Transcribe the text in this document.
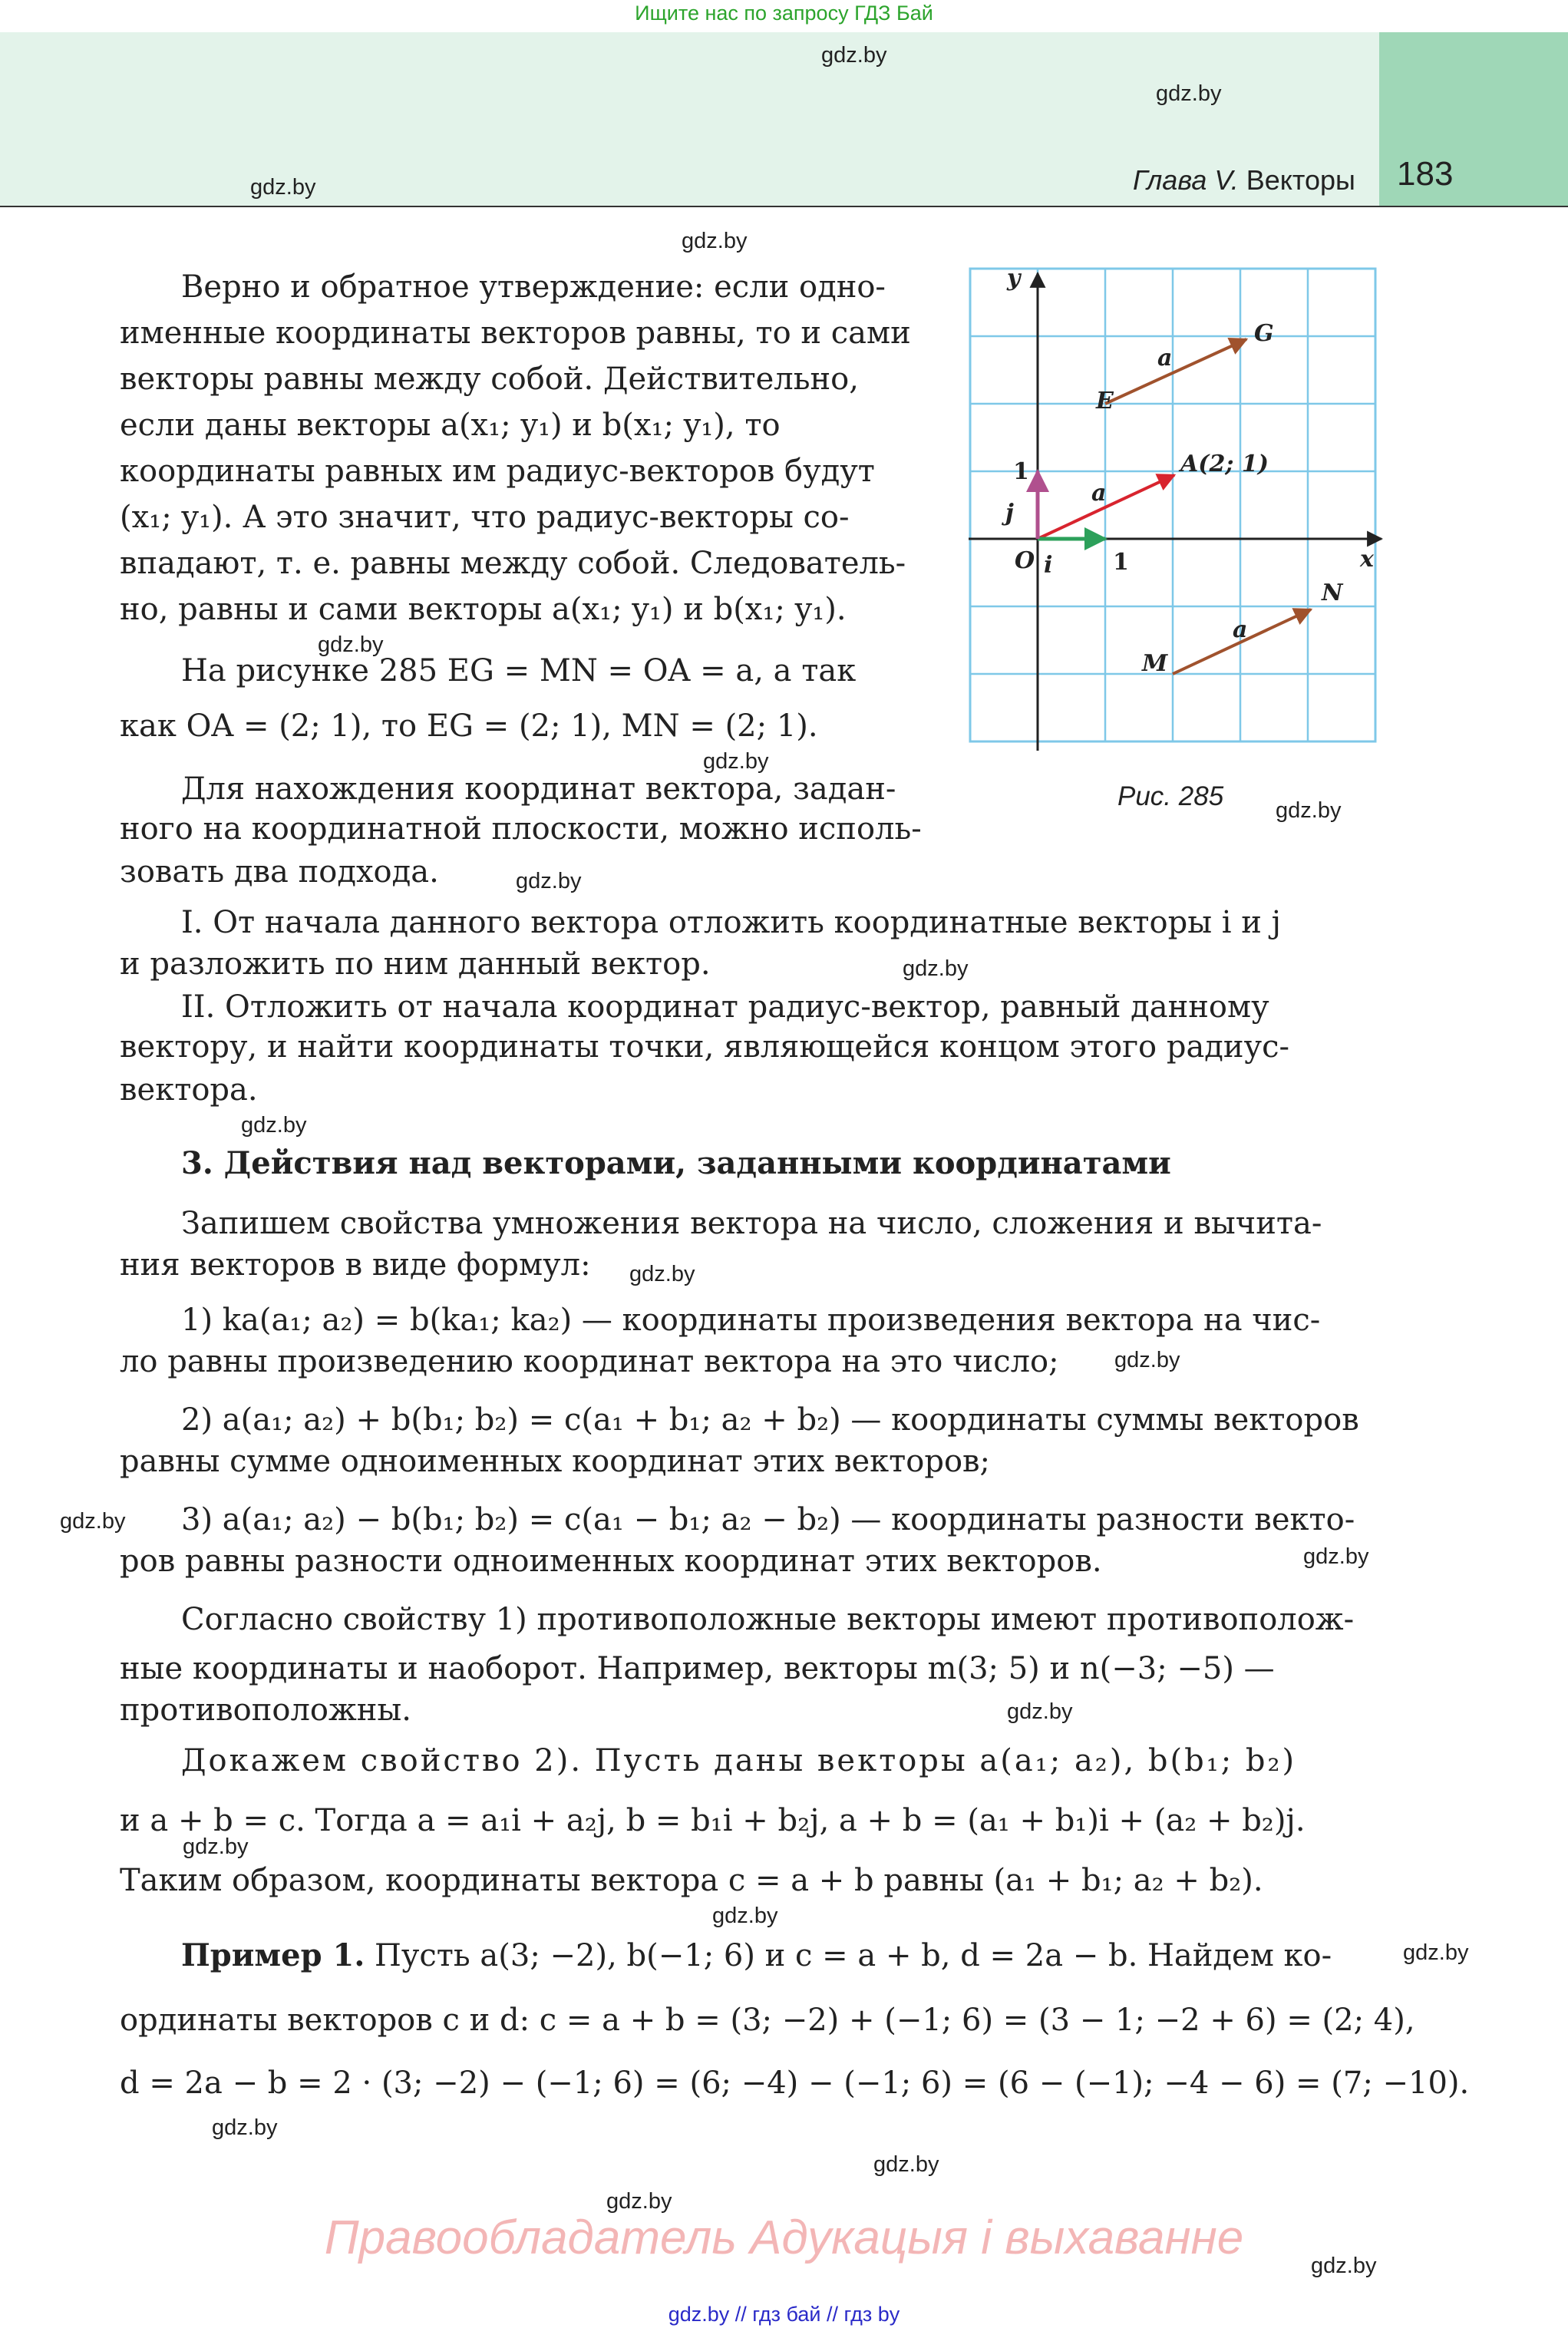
Ищите нас по запросу ГДЗ Бай
Глава V. Векторы 183
gdz.by
gdz.by
gdz.by
gdz.by
gdz.by
gdz.by
gdz.by
gdz.by
gdz.by
gdz.by
gdz.by
gdz.by
gdz.by
gdz.by
gdz.by
gdz.by
gdz.by
gdz.by
gdz.by
gdz.by
gdz.by
gdz.by
y
x
O i
j
E
G
A(2; 1)
M
N
a
a
a
1
1
Рис. 285
Верно и обратное утверждение: если одно-
именные координаты векторов равны, то и сами
векторы равны между собой. Действительно,
если даны векторы a(x₁; y₁) и b(x₁; y₁), то
координаты равных им радиус-векторов будут
(x₁; y₁). А это значит, что радиус-векторы со-
впадают, т. е. равны между собой. Следователь-
но, равны и сами векторы a(x₁; y₁) и b(x₁; y₁).
На рисунке 285 EG = MN = OA = a, а так
как OA = (2; 1), то EG = (2; 1), MN = (2; 1).
Для нахождения координат вектора, задан-
ного на координатной плоскости, можно исполь-
зовать два подхода.
I. От начала данного вектора отложить координатные векторы i и j
и разложить по ним данный вектор.
II. Отложить от начала координат радиус-вектор, равный данному
вектору, и найти координаты точки, являющейся концом этого радиус-
вектора.
3. Действия над векторами, заданными координатами
Запишем свойства умножения вектора на число, сложения и вычита-
ния векторов в виде формул:
1) ka(a₁; a₂) = b(ka₁; ka₂) — координаты произведения вектора на чис-
ло равны произведению координат вектора на это число;
2) a(a₁; a₂) + b(b₁; b₂) = c(a₁ + b₁; a₂ + b₂) — координаты суммы векторов
равны сумме одноименных координат этих векторов;
3) a(a₁; a₂) − b(b₁; b₂) = c(a₁ − b₁; a₂ − b₂) — координаты разности векто-
ров равны разности одноименных координат этих векторов.
Согласно свойству 1) противоположные векторы имеют противополож-
ные координаты и наоборот. Например, векторы m(3; 5) и n(−3; −5) —
противоположны.
Докажем свойство 2). Пусть даны векторы a(a₁; a₂), b(b₁; b₂)
и a + b = c. Тогда a = a₁i + a₂j, b = b₁i + b₂j, a + b = (a₁ + b₁)i + (a₂ + b₂)j.
Таким образом, координаты вектора c = a + b равны (a₁ + b₁; a₂ + b₂).
Пример 1. Пусть a(3; −2), b(−1; 6) и c = a + b, d = 2a − b. Найдем ко-
ординаты векторов c и d: c = a + b = (3; −2) + (−1; 6) = (3 − 1; −2 + 6) = (2; 4),
d = 2a − b = 2 · (3; −2) − (−1; 6) = (6; −4) − (−1; 6) = (6 − (−1); −4 − 6) = (7; −10).
Правообладатель Адукацыя і выхаванне
gdz.by // гдз бай // гдз by
